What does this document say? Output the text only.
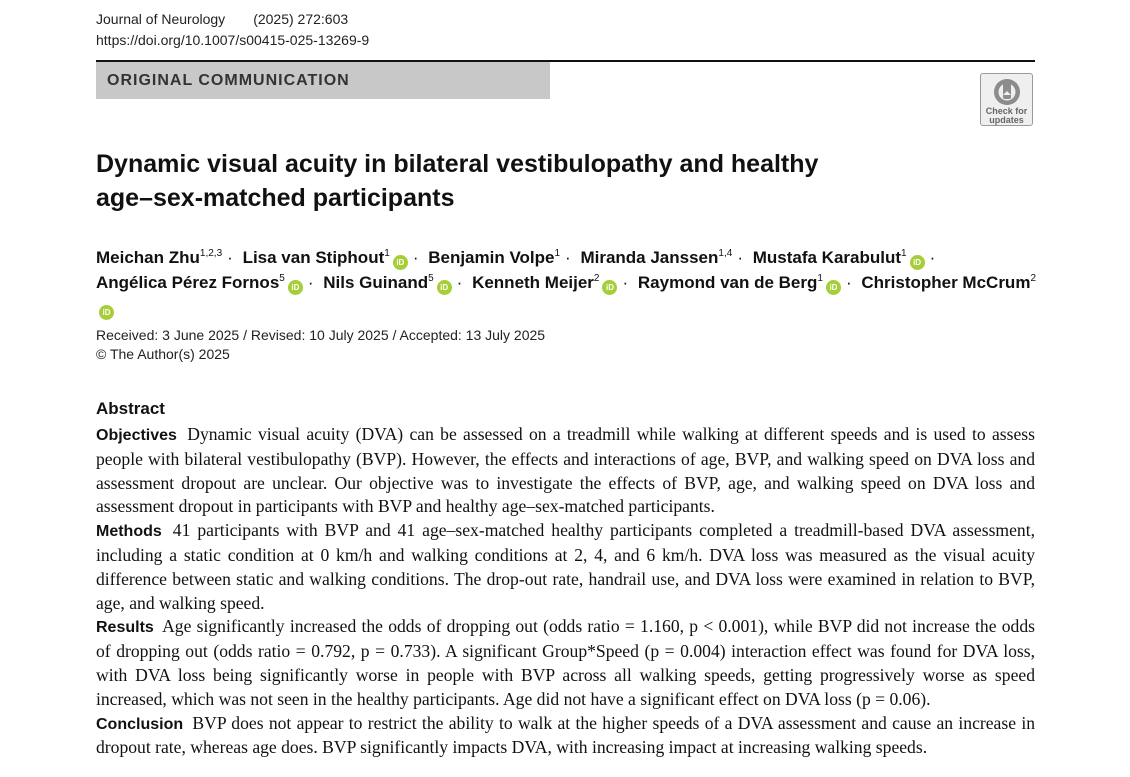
Journal of Neurology (2025) 272:603
https://doi.org/10.1007/s00415-025-13269-9
ORIGINAL COMMUNICATION
Check for
updates
Dynamic visual acuity in bilateral vestibulopathy and healthy
age–sex-matched participants
Meichan Zhu$^{1,2,3}$ · Lisa van Stiphout$^1$iD · Benjamin Volpe$^1$ · Miranda Janssen$^{1,4}$ · Mustafa Karabulut$^1$iD ·
Angélica Pérez Fornos$^5$iD · Nils Guinand$^5$iD · Kenneth Meijer$^2$iD · Raymond van de Berg$^1$iD · Christopher McCrum$^2$iD
Received: 3 June 2025 / Revised: 10 July 2025 / Accepted: 13 July 2025
© The Author(s) 2025
Abstract

Objectives Dynamic visual acuity (DVA) can be assessed on a treadmill while walking at different speeds and is used to assess people with bilateral vestibulopathy (BVP). However, the effects and interactions of age, BVP, and walking speed on DVA loss and assessment dropout are unclear. Our objective was to investigate the effects of BVP, age, and walking speed on DVA loss and assessment dropout in participants with BVP and healthy age–sex-matched participants.

Methods 41 participants with BVP and 41 age–sex-matched healthy participants completed a treadmill-based DVA assessment, including a static condition at 0 km/h and walking conditions at 2, 4, and 6 km/h. DVA loss was measured as the visual acuity difference between static and walking conditions. The drop-out rate, handrail use, and DVA loss were examined in relation to BVP, age, and walking speed.

Results Age significantly increased the odds of dropping out (odds ratio = 1.160, p < 0.001), while BVP did not increase the odds of dropping out (odds ratio = 0.792, p = 0.733). A significant Group*Speed (p = 0.004) interaction effect was found for DVA loss, with DVA loss being significantly worse in people with BVP across all walking speeds, getting progressively worse as speed increased, which was not seen in the healthy participants. Age did not have a significant effect on DVA loss (p = 0.06).

Conclusion BVP does not appear to restrict the ability to walk at the higher speeds of a DVA assessment and cause an increase in dropout rate, whereas age does. BVP significantly impacts DVA, with increasing impact at increasing walking speeds.
